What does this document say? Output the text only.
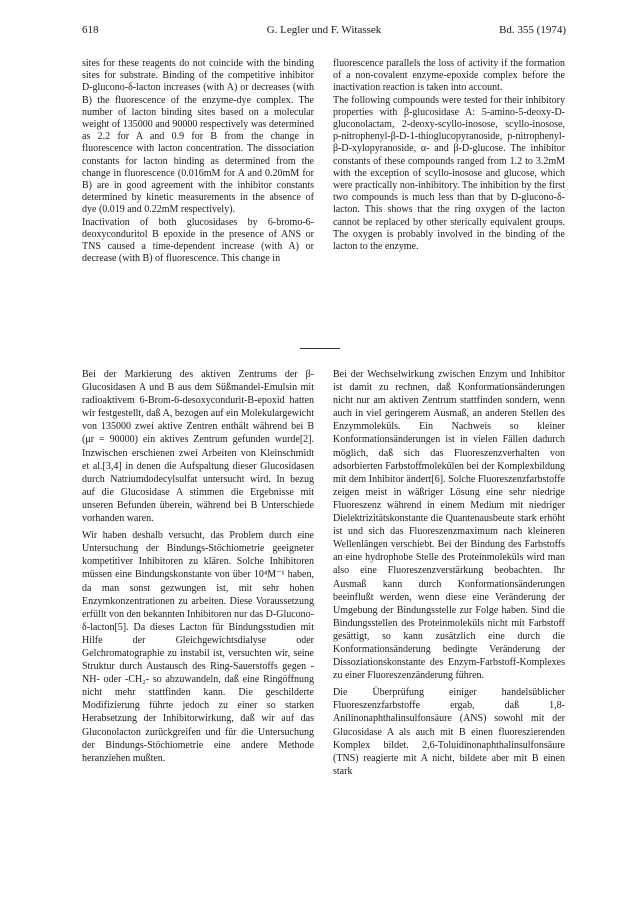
618	G. Legler und F. Witassek	Bd. 355 (1974)

sites for these reagents do not coincide with the binding sites for substrate. Binding of the competitive inhibitor D-glucono-δ-lacton increases (with A) or decreases (with B) the fluorescence of the enzyme-dye complex. The number of lacton binding sites based on a molecular weight of 135000 and 90000 respectively was determined as 2.2 for A and 0.9 for B from the change in fluorescence with lacton concentration. The dissociation constants for lacton binding as determined from the change in fluorescence (0.016mM for A and 0.20mM for B) are in good agreement with the inhibitor constants determined by kinetic measurements in the absence of dye (0.019 and 0.22mM respectively).

Inactivation of both glucosidases by 6-bromo-6-deoxyconduritol B epoxide in the presence of ANS or TNS caused a time-dependent increase (with A) or decrease (with B) of fluorescence. This change in

fluorescence parallels the loss of activity if the formation of a non-covalent enzyme-epoxide complex before the inactivation reaction is taken into account.

The following compounds were tested for their inhibitory properties with β-glucosidase A: 5-amino-5-deoxy-D-gluconolactam, 2-deoxy-scyllo-inosose, scyllo-inosose, p-nitrophenyl-β-D-1-thioglucopyranoside, p-nitrophenyl-β-D-xylopyranoside, α- and β-D-glucose. The inhibitor constants of these compounds ranged from 1.2 to 3.2mM with the exception of scyllo-inosose and glucose, which were practically non-inhibitory. The inhibition by the first two compounds is much less than that by D-glucono-δ-lacton. This shows that the ring oxygen of the lacton cannot be replaced by other sterically equivalent groups. The oxygen is probably involved in the binding of the lacton to the enzyme.

Bei der Markierung des aktiven Zentrums der β-Glucosidasen A und B aus dem Süßmandel-Emulsin mit radioaktivem 6-Brom-6-desoxycondurit-B-epoxid hatten wir festgestellt, daß A, bezogen auf ein Molekulargewicht von 135000 zwei aktive Zentren enthält während bei B (μr = 90000) ein aktives Zentrum gefunden wurde[2]. Inzwischen erschienen zwei Arbeiten von Kleinschmidt et al.[3,4] in denen die Aufspaltung dieser Glucosidasen durch Natriumdodecylsulfat untersucht wird. In bezug auf die Glucosidase A stimmen die Ergebnisse mit unseren Befunden überein, während bei B Unterschiede vorhanden waren.

Wir haben deshalb versucht, das Problem durch eine Untersuchung der Bindungs-Stöchiometrie geeigneter kompetitiver Inhibitoren zu klären. Solche Inhibitoren müssen eine Bindungskonstante von über 10⁴M⁻¹ haben, da man sonst gezwungen ist, mit sehr hohen Enzymkonzentrationen zu arbeiten. Diese Voraussetzung erfüllt von den bekannten Inhibitoren nur das D-Glucono-δ-lacton[5]. Da dieses Lacton für Bindungsstudien mit Hilfe der Gleichgewichtsdialyse oder Gelchromatographie zu instabil ist, versuchten wir, seine Struktur durch Austausch des Ring-Sauerstoffs gegen -NH- oder -CH₂- so abzuwandeln, daß eine Ringöffnung nicht mehr stattfinden kann. Die geschilderte Modifizierung führte jedoch zu einer so starken Herabsetzung der Inhibitorwirkung, daß wir auf das Gluconolacton zurückgreifen und für die Untersuchung der Bindungs-Stöchiometrie eine andere Methode heranziehen mußten.

Bei der Wechselwirkung zwischen Enzym und Inhibitor ist damit zu rechnen, daß Konformationsänderungen nicht nur am aktiven Zentrum stattfinden sondern, wenn auch in viel geringerem Ausmaß, an anderen Stellen des Enzymmoleküls. Ein Nachweis so kleiner Konformationsänderungen ist in vielen Fällen dadurch möglich, daß sich das Fluoreszenzverhalten von adsorbierten Farbstoffmolekülen bei der Komplexbildung mit dem Inhibitor ändert[6]. Solche Fluoreszenzfarbstoffe zeigen meist in wäßriger Lösung eine sehr niedrige Fluoreszenz während in einem Medium mit niedriger Dielektrizitätskonstante die Quantenausbeute stark erhöht ist und sich das Fluoreszenzmaximum nach kleineren Wellenlängen verschiebt. Bei der Bindung des Farbstoffs an eine hydrophobe Stelle des Proteinmoleküls wird man also eine Fluoreszenzverstärkung beobachten. Ihr Ausmaß kann durch Konformationsänderungen beeinflußt werden, wenn diese eine Veränderung der Umgebung der Bindungsstelle zur Folge haben. Sind die Bindungsstellen des Proteinmoleküls nicht mit Farbstoff gesättigt, so kann zusätzlich eine durch die Konformationsänderung bedingte Veränderung der Dissoziationskonstante des Enzym-Farbstoff-Komplexes zu einer Fluoreszenzänderung führen.

Die Überprüfung einiger handelsüblicher Fluoreszenzfarbstoffe ergab, daß 1,8-Anilinonaphthalinsulfonsäure (ANS) sowohl mit der Glucosidase A als auch mit B einen fluoreszierenden Komplex bildet. 2,6-Toluidinonaphthalinsulfonsäure (TNS) reagierte mit A nicht, bildete aber mit B einen stark
